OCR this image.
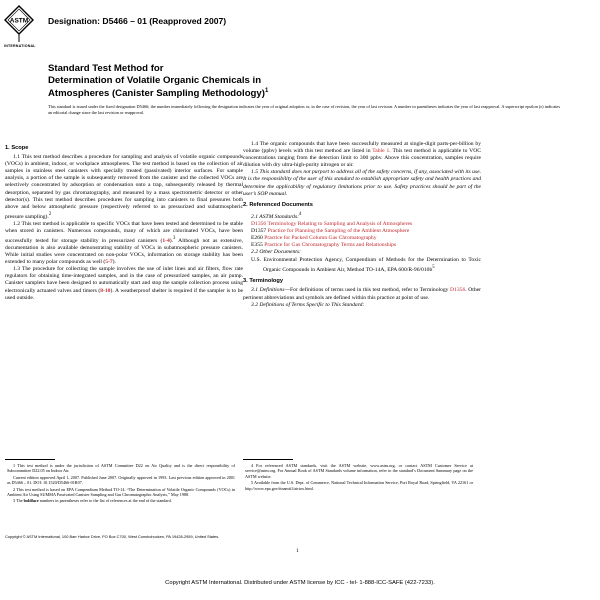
ASTM
INTERNATIONAL
Designation: D5466 – 01 (Reapproved 2007)
Standard Test Method for
Determination of Volatile Organic Chemicals in
Atmospheres (Canister Sampling Methodology)$^1$
This standard is issued under the fixed designation D5466; the number immediately following the designation indicates the year of original adoption or, in the case of revision, the year of last revision. A number in parentheses indicates the year of last reapproval. A superscript epsilon (ε) indicates an editorial change since the last revision or reapproval.

1. Scope

1.1 This test method describes a procedure for sampling and analysis of volatile organic compounds (VOCs) in ambient, indoor, or workplace atmospheres. The test method is based on the collection of air samples in stainless steel canisters with specially treated (passivated) interior surfaces. For sample analysis, a portion of the sample is subsequently removed from the canister and the collected VOCs are selectively concentrated by adsorption or condensation onto a trap, subsequently released by thermal desorption, separated by gas chromatography, and measured by a mass spectrometric detector or other detector(s). This test method describes procedures for sampling into canisters to final pressures both above and below atmospheric pressure (respectively referred to as pressurized and subatmospheric pressure sampling).$^2$

1.2 This test method is applicable to specific VOCs that have been tested and determined to be stable when stored in canisters. Numerous compounds, many of which are chlorinated VOCs, have been successfully tested for storage stability in pressurized canisters (1-4).$^3$ Although not as extensive, documentation is also available demonstrating stability of VOCs in subatmospheric pressure canisters. While initial studies were concentrated on non-polar VOCs, information on storage stability has been extended to many polar compounds as well (5-7).

1.3 The procedure for collecting the sample involves the use of inlet lines and air filters, flow rate regulators for obtaining time-integrated samples, and in the case of pressurized samples, an air pump. Canister samplers have been designed to automatically start and stop the sample collection process using electronically actuated valves and timers (8-10). A weatherproof shelter is required if the sampler is to be used outside.

1.4 The organic compounds that have been successfully measured at single-digit parts-per-billion by volume (ppbv) levels with this test method are listed in Table 1. This test method is applicable to VOC concentrations ranging from the detection limit to 300 ppbv. Above this concentration, samples require dilution with dry ultra-high-purity nitrogen or air.

1.5 This standard does not purport to address all of the safety concerns, if any, associated with its use. It is the responsibility of the user of this standard to establish appropriate safety and health practices and determine the applicability of regulatory limitations prior to use. Safety practices should be part of the user’s SOP manual.

2. Referenced Documents

2.1 ASTM Standards:$^4$

D1356 Terminology Relating to Sampling and Analysis of Atmospheres

D1357 Practice for Planning the Sampling of the Ambient Atmosphere

E260 Practice for Packed Column Gas Chromatography

E355 Practice for Gas Chromatography Terms and Relationships

2.2 Other Documents:

U.S. Environmental Protection Agency, Compendium of Methods for the Determination to Toxic Organic Compounds in Ambient Air, Method TO-14A, EPA $600/R-96/010b^5$

3. Terminology

3.1 Definitions—For definitions of terms used in this test method, refer to Terminology D1356. Other pertinent abbreviations and symbols are defined within this practice at point of use.

3.2 Definitions of Terms Specific to This Standard:

1 This test method is under the jurisdiction of ASTM Committee D22 on Air Quality and is the direct responsibility of Subcommittee D22.05 on Indoor Air.

Current edition approved April 1, 2007. Published June 2007. Originally approved in 1993. Last previous edition approved in 2001 as D5466 – 01. DOI: 10.1520/D5466-01R07.

2 This test method is based on EPA Compendium Method TO-14. “The Determination of Volatile Organic Compounds (VOCs) in Ambient Air Using SUMMA Passivated Canister Sampling and Gas Chromatographic Analysis,” May 1988.

3 The boldface numbers in parentheses refer to the list of references at the end of the standard.

4 For referenced ASTM standards, visit the ASTM website, www.astm.org, or contact ASTM Customer Service at service@astm.org. For Annual Book of ASTM Standards volume information, refer to the standard’s Document Summary page on the ASTM website.

5 Available from the U.S. Dept. of Commerce, National Technical Information Service, Port Royal Road, Springfield, VA 22161 or http://www.epa.gov/ttnamti1/airtox.html.

Copyright © ASTM International, 100 Barr Harbor Drive, PO Box C700, West Conshohocken, PA 19428-2959, United States.
1
Copyright ASTM International. Distributed under ASTM license by ICC - tel- 1-888-ICC-SAFE (422-7233).
